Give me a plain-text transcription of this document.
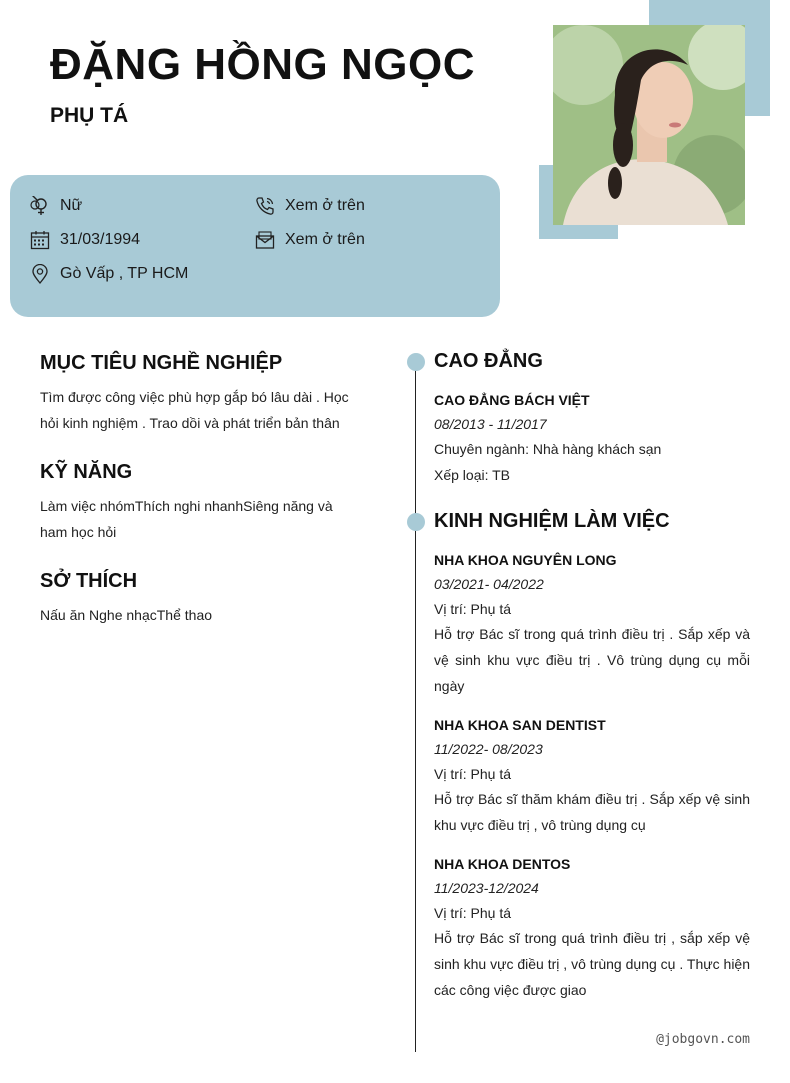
ĐẶNG HỒNG NGỌC
PHỤ TÁ
Nữ
31/03/1994
Gò Vấp , TP HCM
Xem ở trên
Xem ở trên
MỤC TIÊU NGHỀ NGHIỆP

Tìm được công việc phù hợp gắp bó lâu dài . Học hỏi kinh nghiệm . Trao dồi và phát triển bản thân

KỸ NĂNG

Làm việc nhómThích nghi nhanhSiêng năng và ham học hỏi

SỞ THÍCH

Nấu ăn Nghe nhạcThể thao

CAO ĐẲNG

CAO ĐẲNG BÁCH VIỆT

08/2013 - 11/2017

Chuyên ngành: Nhà hàng khách sạn

Xếp loại: TB

KINH NGHIỆM LÀM VIỆC

NHA KHOA NGUYÊN LONG

03/2021- 04/2022

Vị trí: Phụ tá

Hỗ trợ Bác sĩ trong quá trình điều trị . Sắp xếp và vệ sinh khu vực điều trị . Vô trùng dụng cụ mỗi ngày

NHA KHOA SAN DENTIST

11/2022- 08/2023

Vị trí: Phụ tá

Hỗ trợ Bác sĩ thăm khám điều trị . Sắp xếp vệ sinh khu vực điều trị , vô trùng dụng cụ

NHA KHOA DENTOS

11/2023-12/2024

Vị trí: Phụ tá

Hỗ trợ Bác sĩ trong quá trình điều trị , sắp xếp vệ sinh khu vực điều trị , vô trùng dụng cụ . Thực hiện các công việc được giao

@jobgovn.com
